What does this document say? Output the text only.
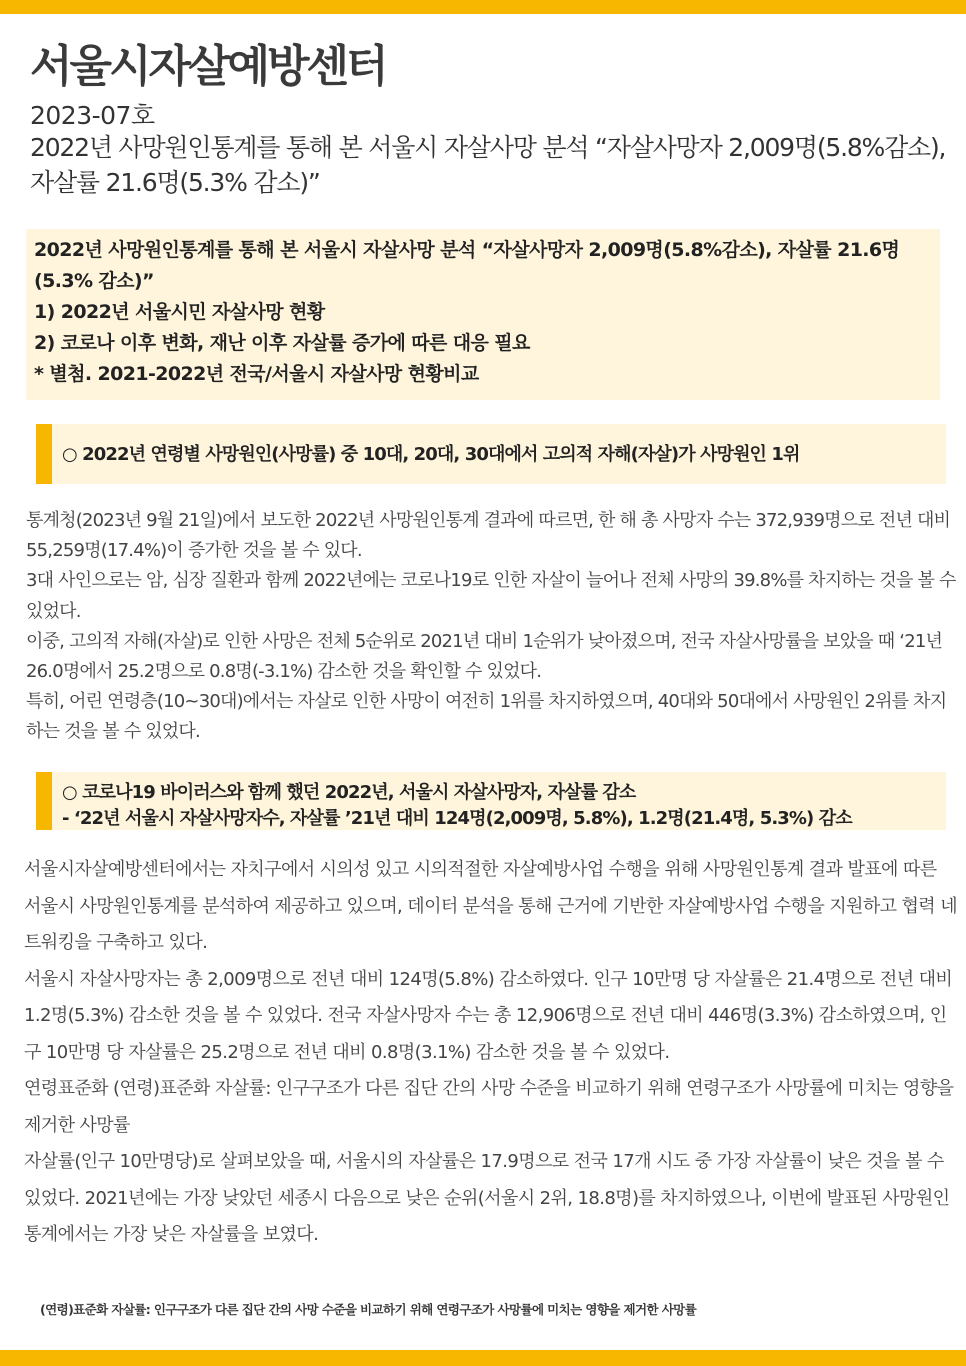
서울시자살예방센터
2023-07호
2022년 사망원인통계를 통해 본 서울시 자살사망 분석 “자살사망자 2,009명(5.8%감소), 자살률 21.6명(5.3% 감소)”
2022년 사망원인통계를 통해 본 서울시 자살사망 분석 “자살사망자 2,009명(5.8%감소), 자살률 21.6명(5.3% 감소)”
1) 2022년 서울시민 자살사망 현황
2) 코로나 이후 변화, 재난 이후 자살률 증가에 따른 대응 필요
* 별첨. 2021-2022년 전국/서울시 자살사망 현황비교
○ 2022년 연령별 사망원인(사망률) 중 10대, 20대, 30대에서 고의적 자해(자살)가 사망원인 1위

통계청(2023년 9월 21일)에서 보도한 2022년 사망원인통계 결과에 따르면, 한 해 총 사망자 수는 372,939명으로 전년 대비 55,259명(17.4%)이 증가한 것을 볼 수 있다.

3대 사인으로는 암, 심장 질환과 함께 2022년에는 코로나19로 인한 자살이 늘어나 전체 사망의 39.8%를 차지하는 것을 볼 수 있었다.

이중, 고의적 자해(자살)로 인한 사망은 전체 5순위로 2021년 대비 1순위가 낮아졌으며, 전국 자살사망률을 보았을 때 ‘21년 26.0명에서 25.2명으로 0.8명(-3.1%) 감소한 것을 확인할 수 있었다.

특히, 어린 연령층(10~30대)에서는 자살로 인한 사망이 여전히 1위를 차지하였으며, 40대와 50대에서 사망원인 2위를 차지하는 것을 볼 수 있었다.

○ 코로나19 바이러스와 함께 했던 2022년, 서울시 자살사망자, 자살률 감소
- ‘22년 서울시 자살사망자수, 자살률 ’21년 대비 124명(2,009명, 5.8%), 1.2명(21.4명, 5.3%) 감소

서울시자살예방센터에서는 자치구에서 시의성 있고 시의적절한 자살예방사업 수행을 위해 사망원인통계 결과 발표에 따른 서울시 사망원인통계를 분석하여 제공하고 있으며, 데이터 분석을 통해 근거에 기반한 자살예방사업 수행을 지원하고 협력 네트워킹을 구축하고 있다.

서울시 자살사망자는 총 2,009명으로 전년 대비 124명(5.8%) 감소하였다. 인구 10만명 당 자살률은 21.4명으로 전년 대비 1.2명(5.3%) 감소한 것을 볼 수 있었다. 전국 자살사망자 수는 총 12,906명으로 전년 대비 446명(3.3%) 감소하였으며, 인구 10만명 당 자살률은 25.2명으로 전년 대비 0.8명(3.1%) 감소한 것을 볼 수 있었다.

연령표준화 (연령)표준화 자살률: 인구구조가 다른 집단 간의 사망 수준을 비교하기 위해 연령구조가 사망률에 미치는 영향을 제거한 사망률

자살률(인구 10만명당)로 살펴보았을 때, 서울시의 자살률은 17.9명으로 전국 17개 시도 중 가장 자살률이 낮은 것을 볼 수 있었다. 2021년에는 가장 낮았던 세종시 다음으로 낮은 순위(서울시 2위, 18.8명)를 차지하였으나, 이번에 발표된 사망원인통계에서는 가장 낮은 자살률을 보였다.

(연령)표준화 자살률: 인구구조가 다른 집단 간의 사망 수준을 비교하기 위해 연령구조가 사망률에 미치는 영향을 제거한 사망률
